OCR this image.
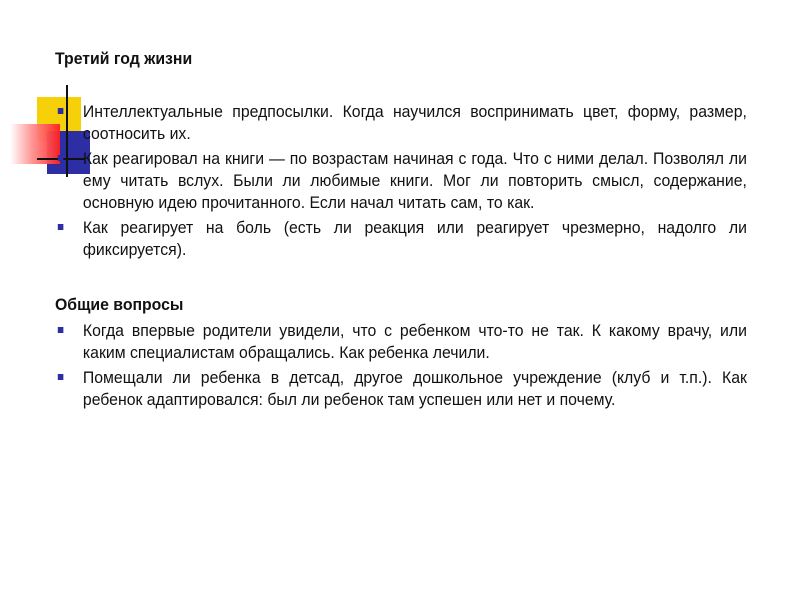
Третий год жизни
Интеллектуальные предпосылки. Когда научился воспринимать цвет, форму, размер, соотносить их.
Как реагировал на книги — по возрастам начиная с года. Что с ними делал. Позволял ли ему читать вслух. Были ли любимые книги. Мог ли повторить смысл, содержание, основную идею прочитанного. Если начал читать сам, то как.
Как реагирует на боль (есть ли реакция или реагирует чрезмерно, надолго ли фиксируется).
Общие вопросы
Когда впервые родители увидели, что с ребенком что-то не так. К какому врачу, или каким специалистам обращались. Как ребенка лечили.
Помещали ли ребенка в детсад, другое дошкольное учреждение (клуб и т.п.). Как ребенок адаптировался: был ли ребенок там успешен или нет и почему.
